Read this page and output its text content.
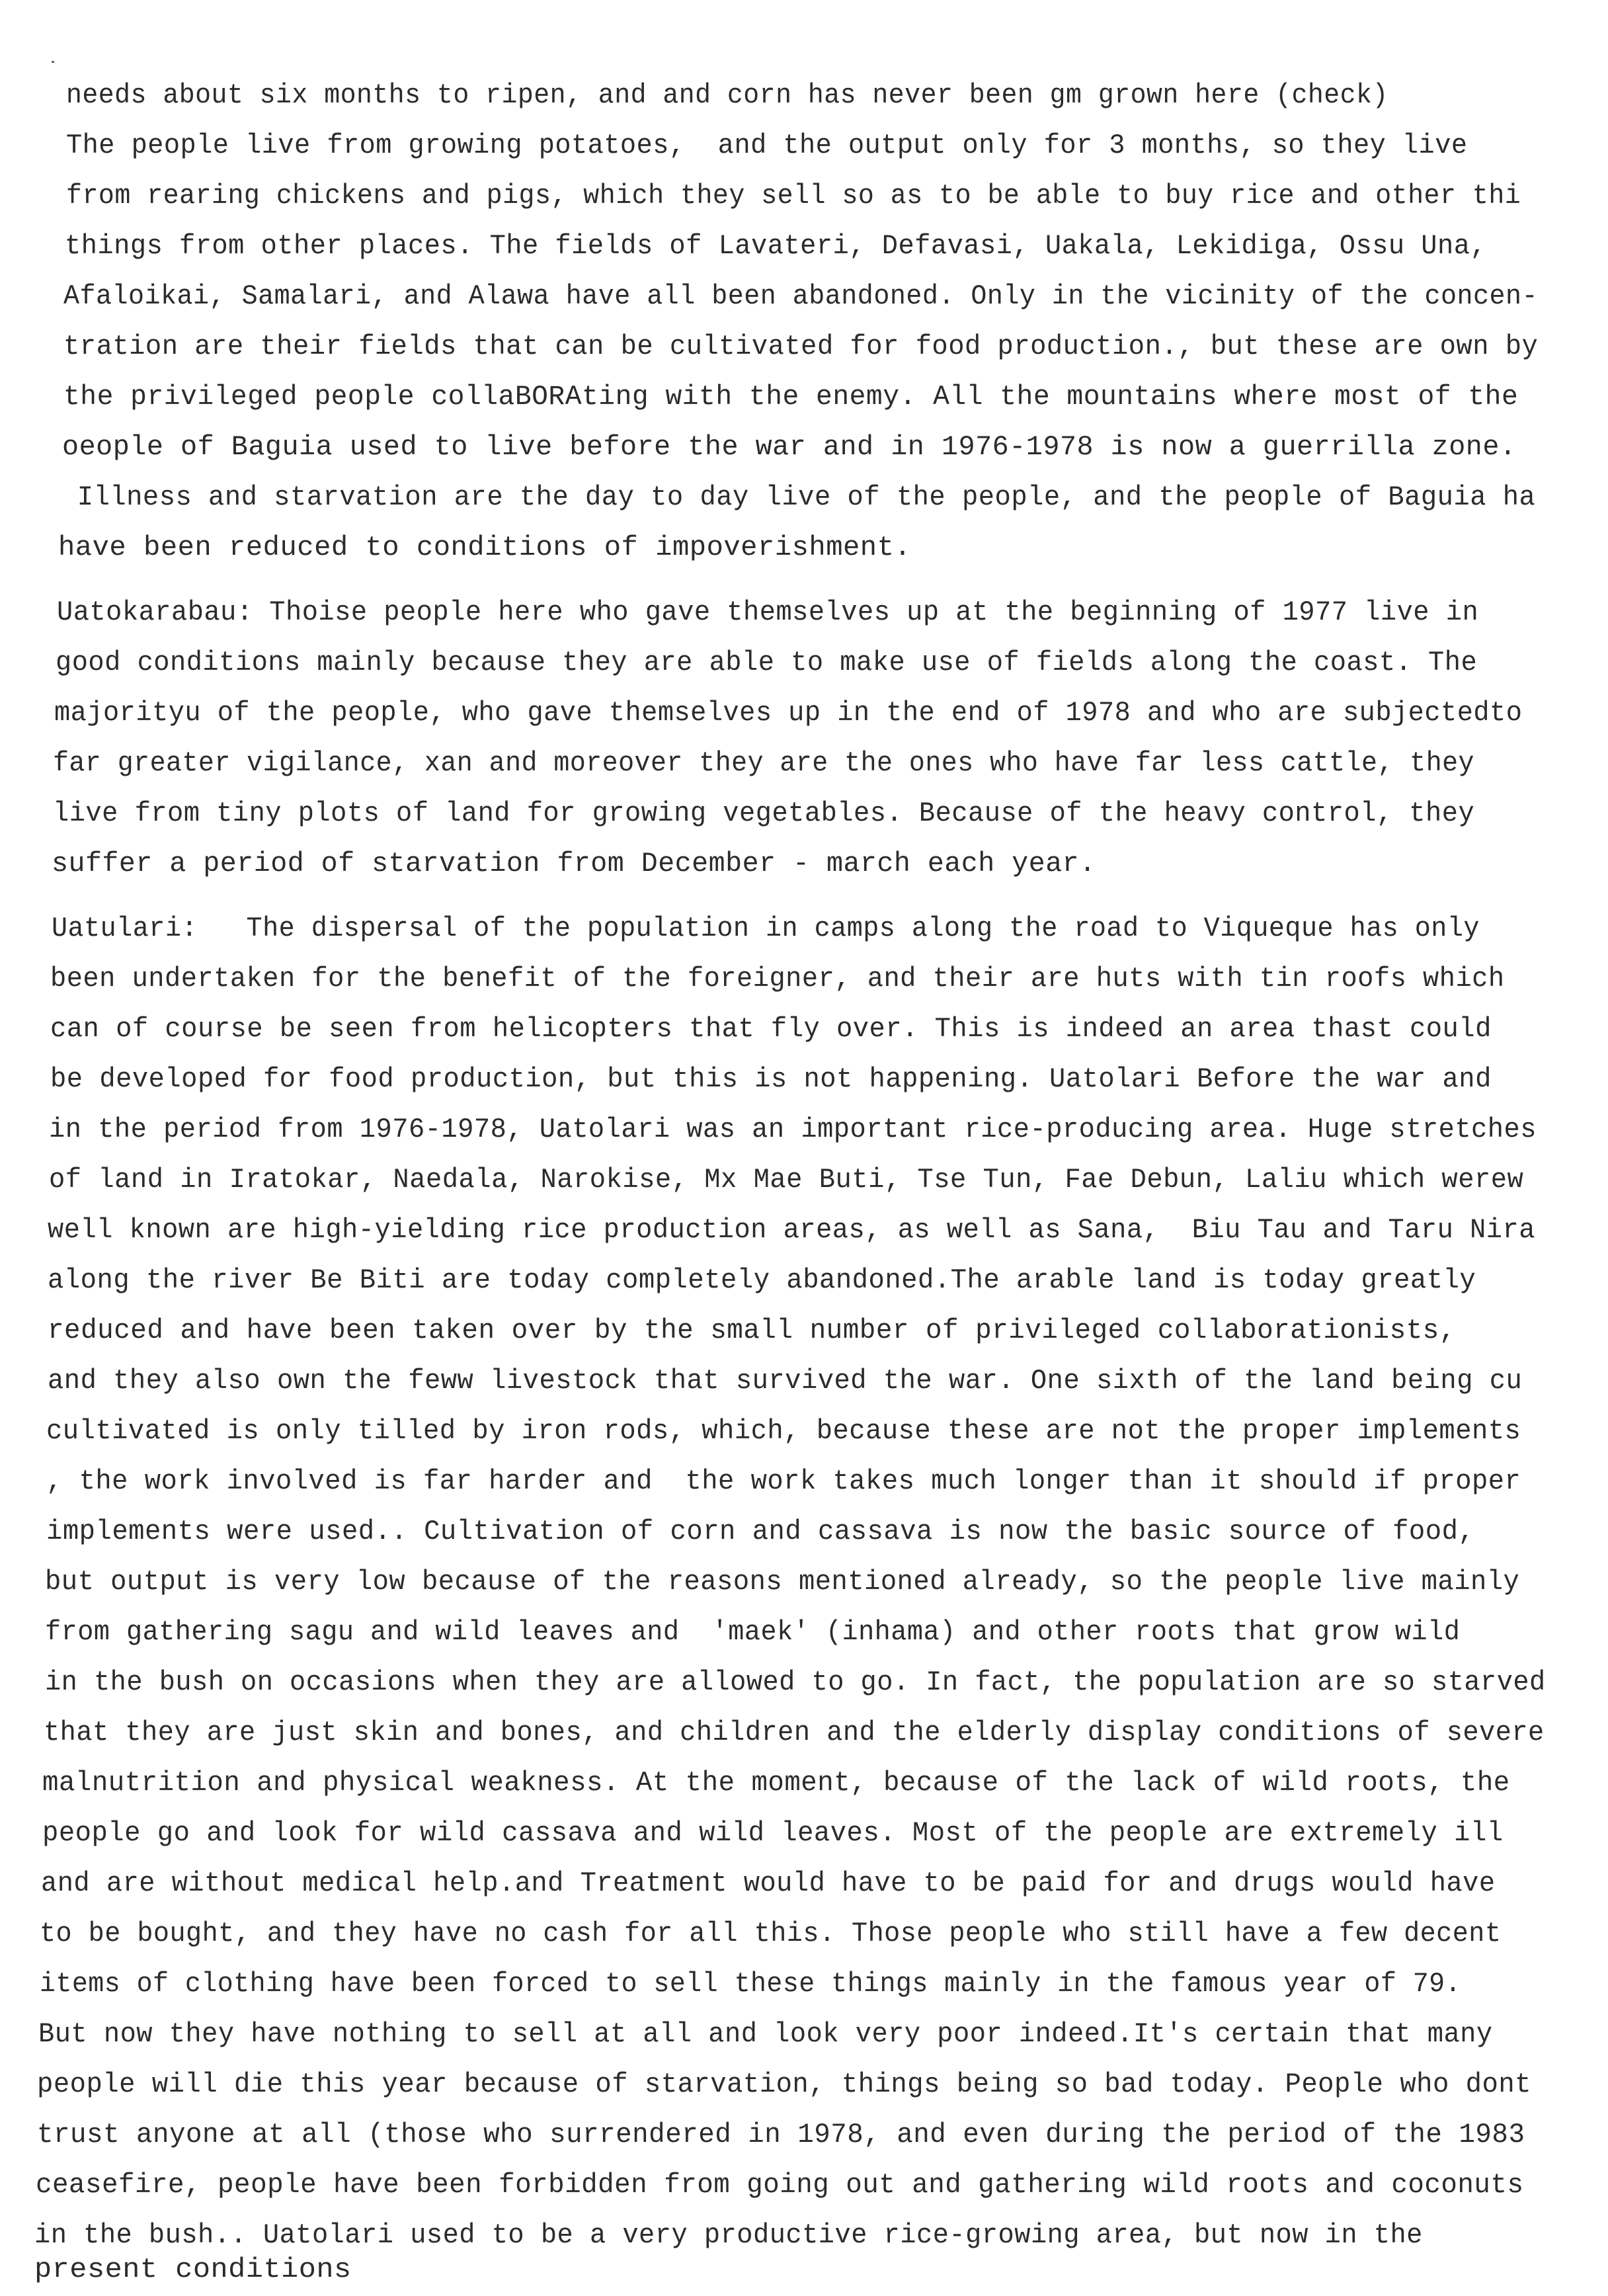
needs about six months to ripen, and and corn has never been gm grown here (check)

The people live from growing potatoes,  and the output only for 3 months, so they live

from rearing chickens and pigs, which they sell so as to be able to buy rice and other thi

things from other places. The fields of Lavateri, Defavasi, Uakala, Lekidiga, Ossu Una,

Afaloikai, Samalari, and Alawa have all been abandoned. Only in the vicinity of the concen-

tration are their fields that can be cultivated for food production., but these are own by

the privileged people collaBORAting with the enemy. All the mountains where most of the

oeople of Baguia used to live before the war and in 1976-1978 is now a guerrilla zone.

Illness and starvation are the day to day live of the people, and the people of Baguia ha

have been reduced to conditions of impoverishment.

Uatokarabau: Thoise people here who gave themselves up at the beginning of 1977 live in

good conditions mainly because they are able to make use of fields along the coast. The

majorityu of the people, who gave themselves up in the end of 1978 and who are subjectedto

far greater vigilance, xan and moreover they are the ones who have far less cattle, they

live from tiny plots of land for growing vegetables. Because of the heavy control, they

suffer a period of starvation from December - march each year.

Uatulari:   The dispersal of the population in camps along the road to Viqueque has only

been undertaken for the benefit of the foreigner, and their are huts with tin roofs which

can of course be seen from helicopters that fly over. This is indeed an area thast could

be developed for food production, but this is not happening. Uatolari Before the war and

in the period from 1976-1978, Uatolari was an important rice-producing area. Huge stretches

of land in Iratokar, Naedala, Narokise, Mx Mae Buti, Tse Tun, Fae Debun, Laliu which werew

well known are high-yielding rice production areas, as well as Sana,  Biu Tau and Taru Nira

along the river Be Biti are today completely abandoned.The arable land is today greatly

reduced and have been taken over by the small number of privileged collaborationists,

and they also own the feww livestock that survived the war. One sixth of the land being cu

cultivated is only tilled by iron rods, which, because these are not the proper implements

, the work involved is far harder and  the work takes much longer than it should if proper

implements were used.. Cultivation of corn and cassava is now the basic source of food,

but output is very low because of the reasons mentioned already, so the people live mainly

from gathering sagu and wild leaves and  'maek' (inhama) and other roots that grow wild

in the bush on occasions when they are allowed to go. In fact, the population are so starved

that they are just skin and bones, and children and the elderly display conditions of severe

malnutrition and physical weakness. At the moment, because of the lack of wild roots, the

people go and look for wild cassava and wild leaves. Most of the people are extremely ill

and are without medical help.and Treatment would have to be paid for and drugs would have

to be bought, and they have no cash for all this. Those people who still have a few decent

items of clothing have been forced to sell these things mainly in the famous year of 79.

But now they have nothing to sell at all and look very poor indeed.It's certain that many

people will die this year because of starvation, things being so bad today. People who dont

trust anyone at all (those who surrendered in 1978, and even during the period of the 1983

ceasefire, people have been forbidden from going out and gathering wild roots and coconuts

in the bush.. Uatolari used to be a very productive rice-growing area, but now in the

present conditions
